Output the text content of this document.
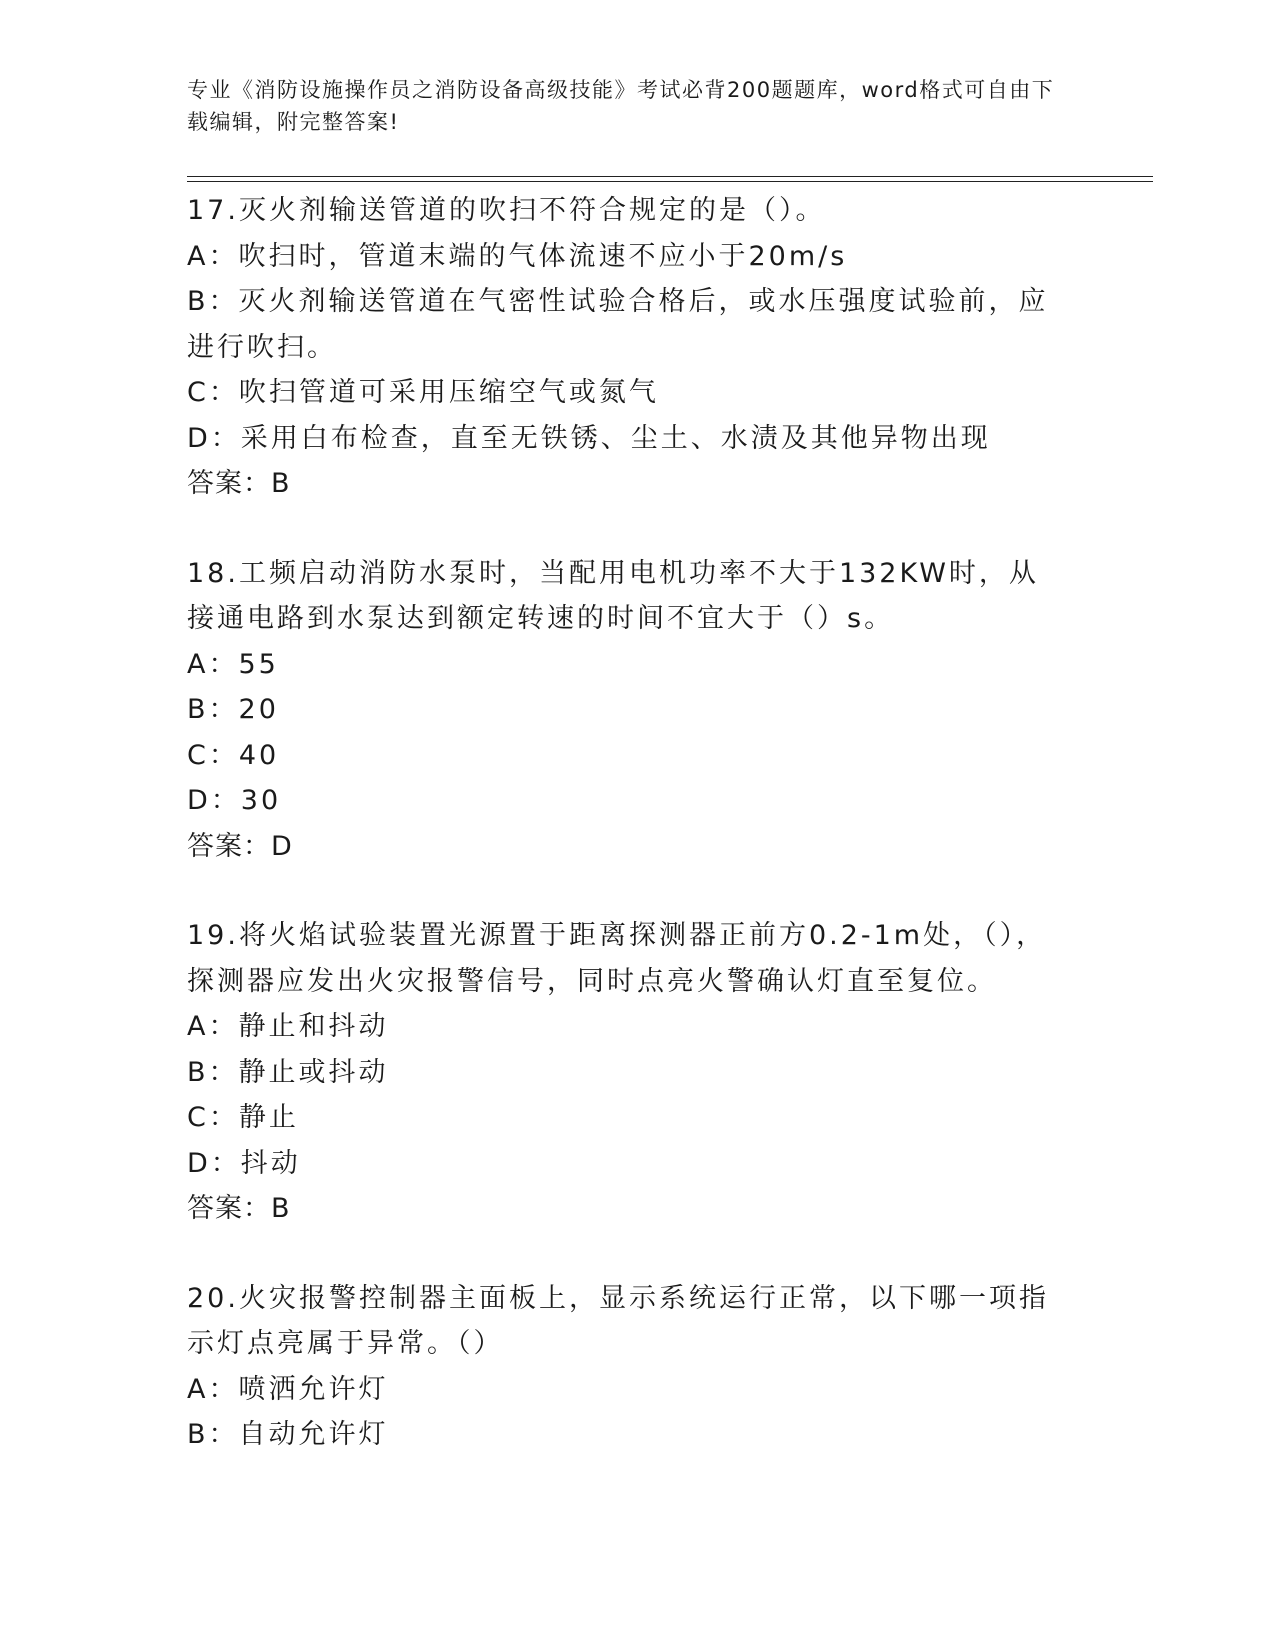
专业《消防设施操作员之消防设备高级技能》考试必背200题题库，word格式可自由下载编辑，附完整答案!
17.灭火剂输送管道的吹扫不符合规定的是（）。
A：吹扫时，管道末端的气体流速不应小于20m/s
B：灭火剂输送管道在气密性试验合格后，或水压强度试验前，应进行吹扫。
C：吹扫管道可采用压缩空气或氮气
D：采用白布检查，直至无铁锈、尘土、水渍及其他异物出现
答案：B
18.工频启动消防水泵时，当配用电机功率不大于132KW时，从接通电路到水泵达到额定转速的时间不宜大于（）s。
A：55
B：20
C：40
D：30
答案：D
19.将火焰试验装置光源置于距离探测器正前方0.2-1m处，（），探测器应发出火灾报警信号，同时点亮火警确认灯直至复位。
A：静止和抖动
B：静止或抖动
C：静止
D：抖动
答案：B
20.火灾报警控制器主面板上，显示系统运行正常，以下哪一项指示灯点亮属于异常。（）
A：喷洒允许灯
B：自动允许灯
